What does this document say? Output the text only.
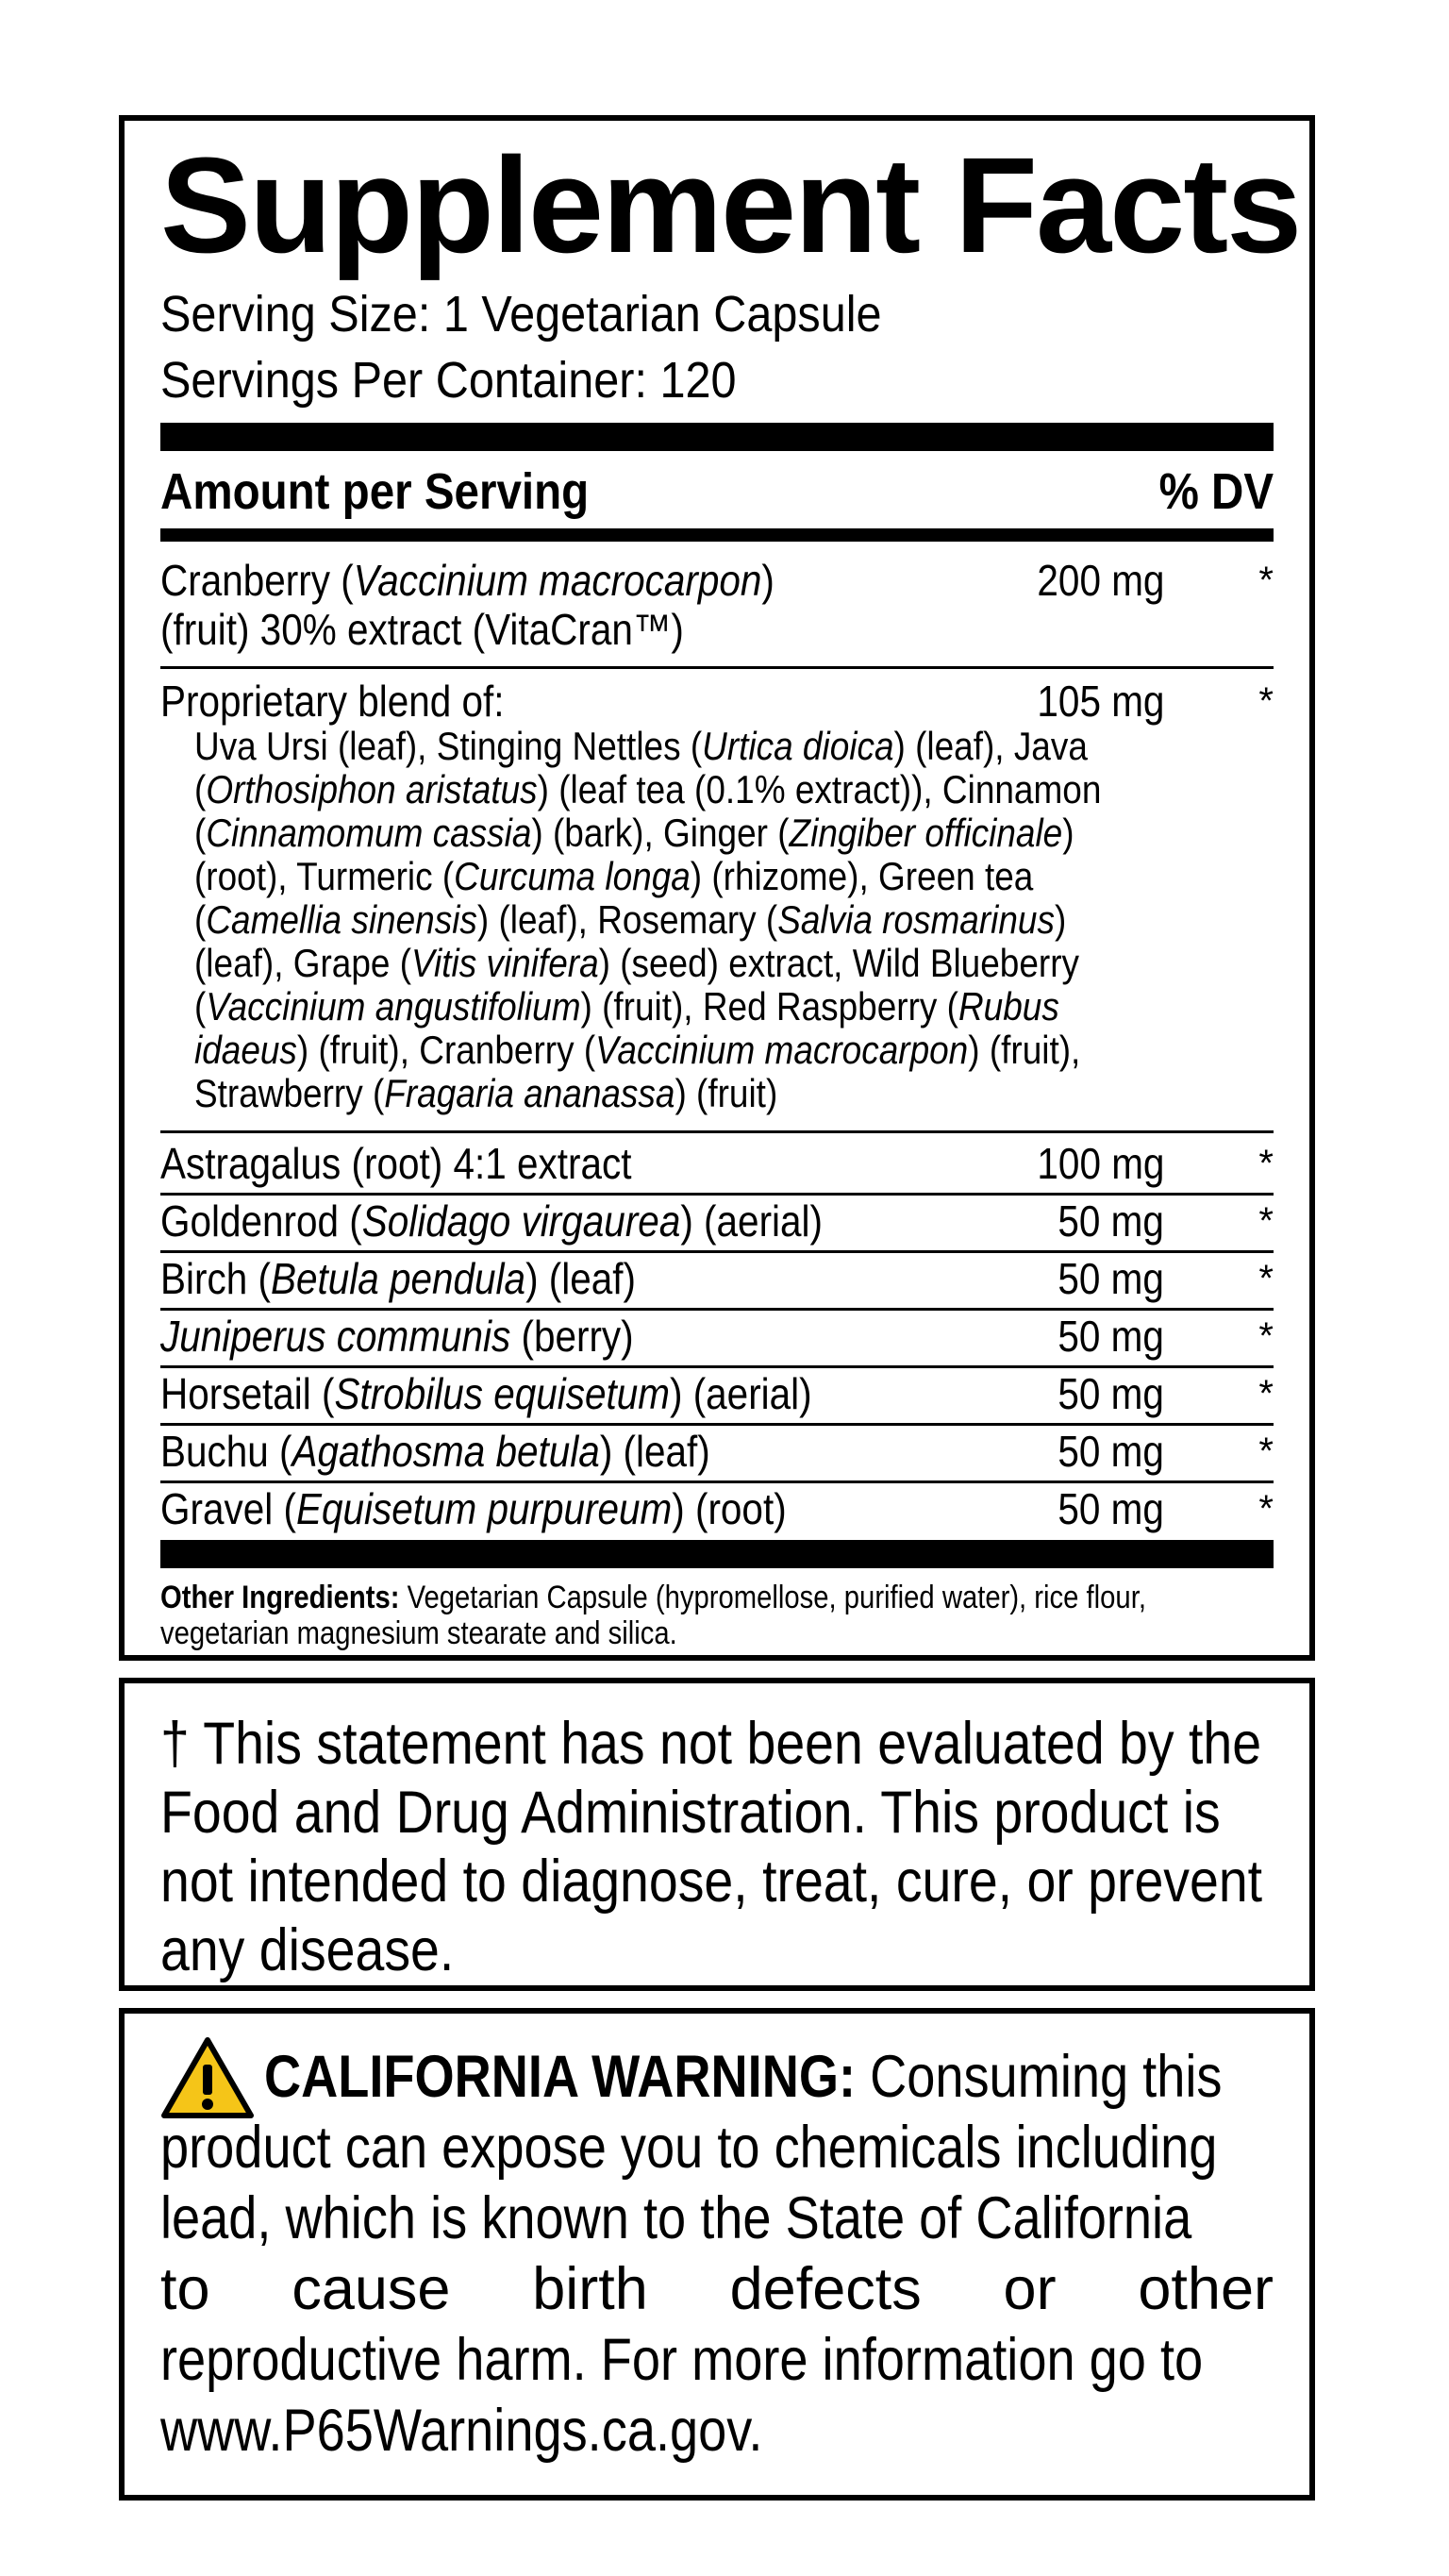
Supplement Facts
Serving Size: 1 Vegetarian Capsule
Servings Per Container: 120
Amount per Serving	% DV
Cranberry (Vaccinium macrocarpon)
(fruit) 30% extract (VitaCran™)
200 mg	*
Proprietary blend of:	105 mg	*
Uva Ursi (leaf), Stinging Nettles (Urtica dioica) (leaf), Java
(Orthosiphon aristatus) (leaf tea (0.1% extract)), Cinnamon
(Cinnamomum cassia) (bark), Ginger (Zingiber officinale)
(root), Turmeric (Curcuma longa) (rhizome), Green tea
(Camellia sinensis) (leaf), Rosemary (Salvia rosmarinus)
(leaf), Grape (Vitis vinifera) (seed) extract, Wild Blueberry
(Vaccinium angustifolium) (fruit), Red Raspberry (Rubus
idaeus) (fruit), Cranberry (Vaccinium macrocarpon) (fruit),
Strawberry (Fragaria ananassa) (fruit)
Astragalus (root) 4:1 extract	100 mg	*
Goldenrod (Solidago virgaurea) (aerial)	50 mg	*
Birch (Betula pendula) (leaf)	50 mg	*
Juniperus communis (berry)	50 mg	*
Horsetail (Strobilus equisetum) (aerial)	50 mg	*
Buchu (Agathosma betula) (leaf)	50 mg	*
Gravel (Equisetum purpureum) (root)	50 mg	*
Other Ingredients: Vegetarian Capsule (hypromellose, purified water), rice flour,
vegetarian magnesium stearate and silica.
† This statement has not been evaluated by the
Food and Drug Administration. This product is
not intended to diagnose, treat, cure, or prevent
any disease.
CALIFORNIA WARNING: Consuming this
product can expose you to chemicals including
lead, which is known to the State of California
to cause birth defects or other
reproductive harm. For more information go to
www.P65Warnings.ca.gov.
